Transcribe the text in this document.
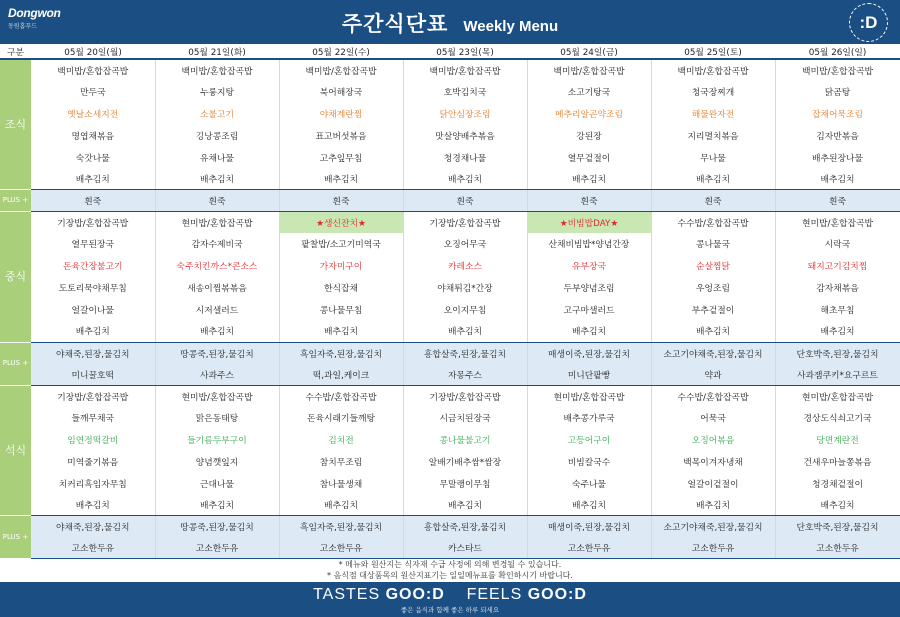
Dongwon
동원홈푸드	주간식단표 Weekly Menu	:D
구분	05월 20일(월)	05월 21일(화)	05월 22일(수)	05월 23일(목)	05월 24일(금)	05월 25일(토)	05월 26일(일)
조식	백미밥/혼합잡곡밥	백미밥/혼합잡곡밥	백미밥/혼합잡곡밥	백미밥/혼합잡곡밥	백미밥/혼합잡곡밥	백미밥/혼합잡곡밥	백미밥/혼합잡곡밥
	만두국	누룽지탕	북어해장국	호박김치국	소고기탕국	청국장찌개	닭곰탕
	옛날소세지전	소불고기	야채계란찜	닭안심장조림	메추리알곤약조림	해물완자전	잡채어묵조림
	명엽채볶음	깅낭콩조림	표고버섯볶음	맛살양배추볶음	강된장	지리멸치볶음	김자반볶음
	숙갓나물	유채나물	고추잎무침	청경채나물	열무겉절이	무나물	배추된장나물
	배추김치	배추김치	배추김치	배추김치	배추김치	배추김치	배추김치
PLUS +	흰죽	흰죽	흰죽	흰죽	흰죽	흰죽	흰죽
중식	기장밥/혼합잡곡밥	현미밥/혼합잡곡밥	★생신잔치★	기장밥/혼합잡곡밥	★비빔밥DAY★	수수밥/혼합잡곡밥	현미밥/혼합잡곡밥
	열무된장국	감자수제비국	팥찰밥/소고기미역국	오징어무국	산채비빔밥*양념간장	콩나물국	시락국
	돈육간장불고기	숙주치킨까스*콘소스	가자미구이	카레소스	유부장국	순살찜닭	돼지고기김치찜
	도토리묵야채무침	새송이찜볶볶음	한식잡채	야채튀김*간장	두부양념조림	우엉조림	감자채볶음
	얼갈이나물	시저샐러드	콩나물무침	오이지무침	고구마샐러드	부추겉절이	해초무침
	배추김치	배추김치	배추김치	배추김치	배추김치	배추김치	배추김치
PLUS +	야채죽,된장,물김치	땅콩죽,된장,물김치	흑임자죽,된장,물김치	흥합살죽,된장,물김치	매생이죽,된장,물김치	소고기야채죽,된장,물김치	단호박죽,된장,물김치
	미니꿀호떡	사과주스	떡,과일,케이크	자몽주스	미니단팥빵	약과	사과잼쿠키*요구르트
석식	기장밥/혼합잡곡밥	현미밥/혼합잡곡밥	수수밥/혼합잡곡밥	기장밥/혼합잡곡밥	현미밥/혼합잡곡밥	수수밥/혼합잡곡밥	현미밥/혼합잡곡밥
	들깨무채국	맑은동태탕	돈육시래기들깨탕	시금치된장국	배추콩가루국	어묵국	경상도식쇠고기국
	임연정떡갈비	들기름두부구이	김치전	콩나물불고기	고등어구이	오징어볶음	당면계란전
	미역줄기볶음	양념깻잎지	참치무조림	알배기배추쌈*쌈장	비빔칼국수	백목이겨자냉채	건새우마늘쫑볶음
	치커리흑임자무침	근대나물	참나물생채	무말랭이무침	숙주나물	얼갈이겉절이	청경채겉절이
	배추김치	배추김치	배추김치	배추김치	배추김치	배추김치	배추김치
PLUS +	야채죽,된장,물김치	땅콩죽,된장,물김치	흑임자죽,된장,물김치	흥합살죽,된장,물김치	매생이죽,된장,물김치	소고기야채죽,된장,물김치	단호박죽,된장,물김치
	고소한두유	고소한두유	고소한두유	카스타드	고소한두유	고소한두유	고소한두유
* 메뉴와 원산지는 식자재 수급 사정에 의해 변경될 수 있습니다.
* 음식점 대상품목의 원산지표기는 일일메뉴표를 확인하시기 바랍니다.
TASTES GOO:D FEELS GOO:D
좋은 음식과 함께 좋은 하루 되세요
